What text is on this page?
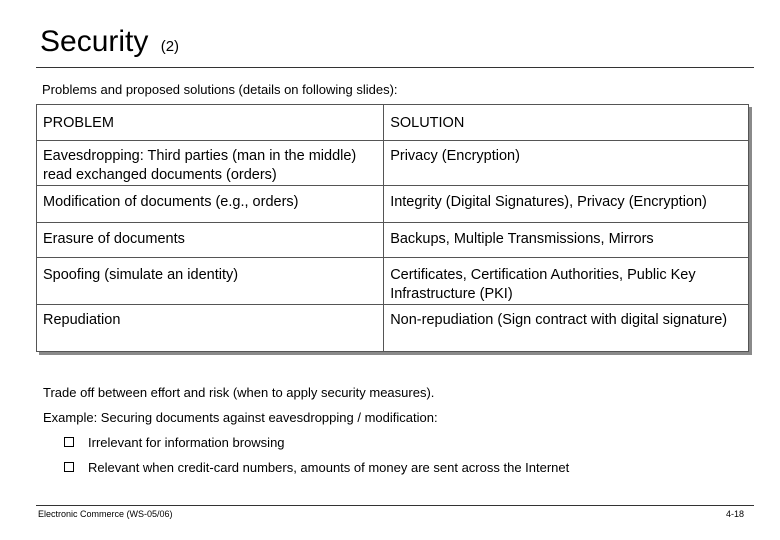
Security (2)
Problems and proposed solutions (details on following slides):
PROBLEM	SOLUTION
Eavesdropping: Third parties (man in the middle) read exchanged documents (orders)	Privacy (Encryption)
Modification of documents (e.g., orders)	Integrity (Digital Signatures), Privacy (Encryption)
Erasure of documents	Backups, Multiple Transmissions, Mirrors
Spoofing (simulate an identity)	Certificates, Certification Authorities, Public Key Infrastructure (PKI)
Repudiation	Non-repudiation (Sign contract with digital signature)
Trade off between effort and risk (when to apply security measures).
Example: Securing documents against eavesdropping / modification:
Irrelevant for information browsing
Relevant when credit-card numbers, amounts of money are sent across the Internet
Electronic Commerce (WS-05/06)	4-18
